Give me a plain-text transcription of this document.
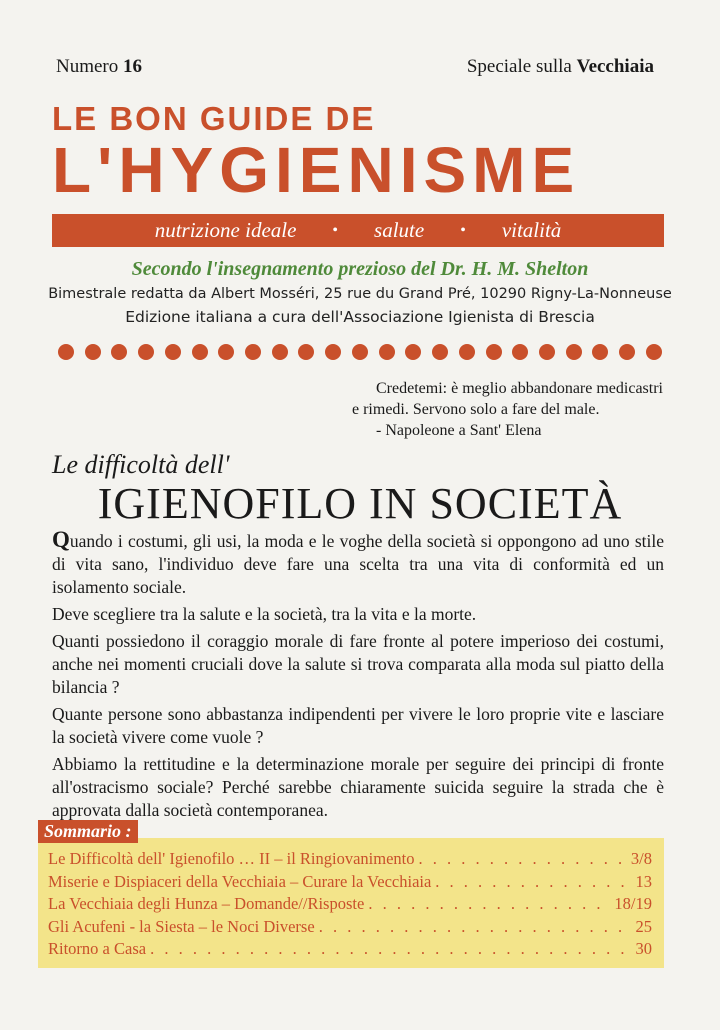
Numero 16	Speciale sulla Vecchiaia
LE BON GUIDE DE
L'HYGIENISME
nutrizione ideale • salute • vitalità
Secondo l'insegnamento prezioso del Dr. H. M. Shelton
Bimestrale redatta da Albert Mosséri, 25 rue du Grand Pré, 10290 Rigny-La-Nonneuse
Edizione italiana a cura dell'Associazione Igienista di Brescia
Credetemi: è meglio abbandonare medicastri
e rimedi. Servono solo a fare del male.
- Napoleone a Sant' Elena
Le difficoltà dell'
IGIENOFILO IN SOCIETÀ

Quando i costumi, gli usi, la moda e le voghe della società si oppongono ad uno stile di vita sano, l'individuo deve fare una scelta tra una vita di conformità ed un isolamento sociale.

Deve scegliere tra la salute e la società, tra la vita e la morte.

Quanti possiedono il coraggio morale di fare fronte al potere imperioso dei costumi, anche nei momenti cruciali dove la salute si trova comparata alla moda sul piatto della bilancia ?

Quante persone sono abbastanza indipendenti per vivere le loro proprie vite e lasciare la società vivere come vuole ?

Abbiamo la rettitudine e la determinazione morale per seguire dei principi di fronte all'ostracismo sociale? Perché sarebbe chiaramente suicida seguire la strada che è approvata dalla società contemporanea.

Sommario :
Le Difficoltà dell' Igienofilo … II – il Ringiovanimento . . .	3/8
Miserie e Dispiaceri della Vecchiaia – Curare la Vecchiaia . . .	13
La Vecchiaia degli Hunza – Domande//Risposte . . .	18/19
Gli Acufeni - la Siesta – le Noci Diverse . . .	25
Ritorno a Casa . . .	30
